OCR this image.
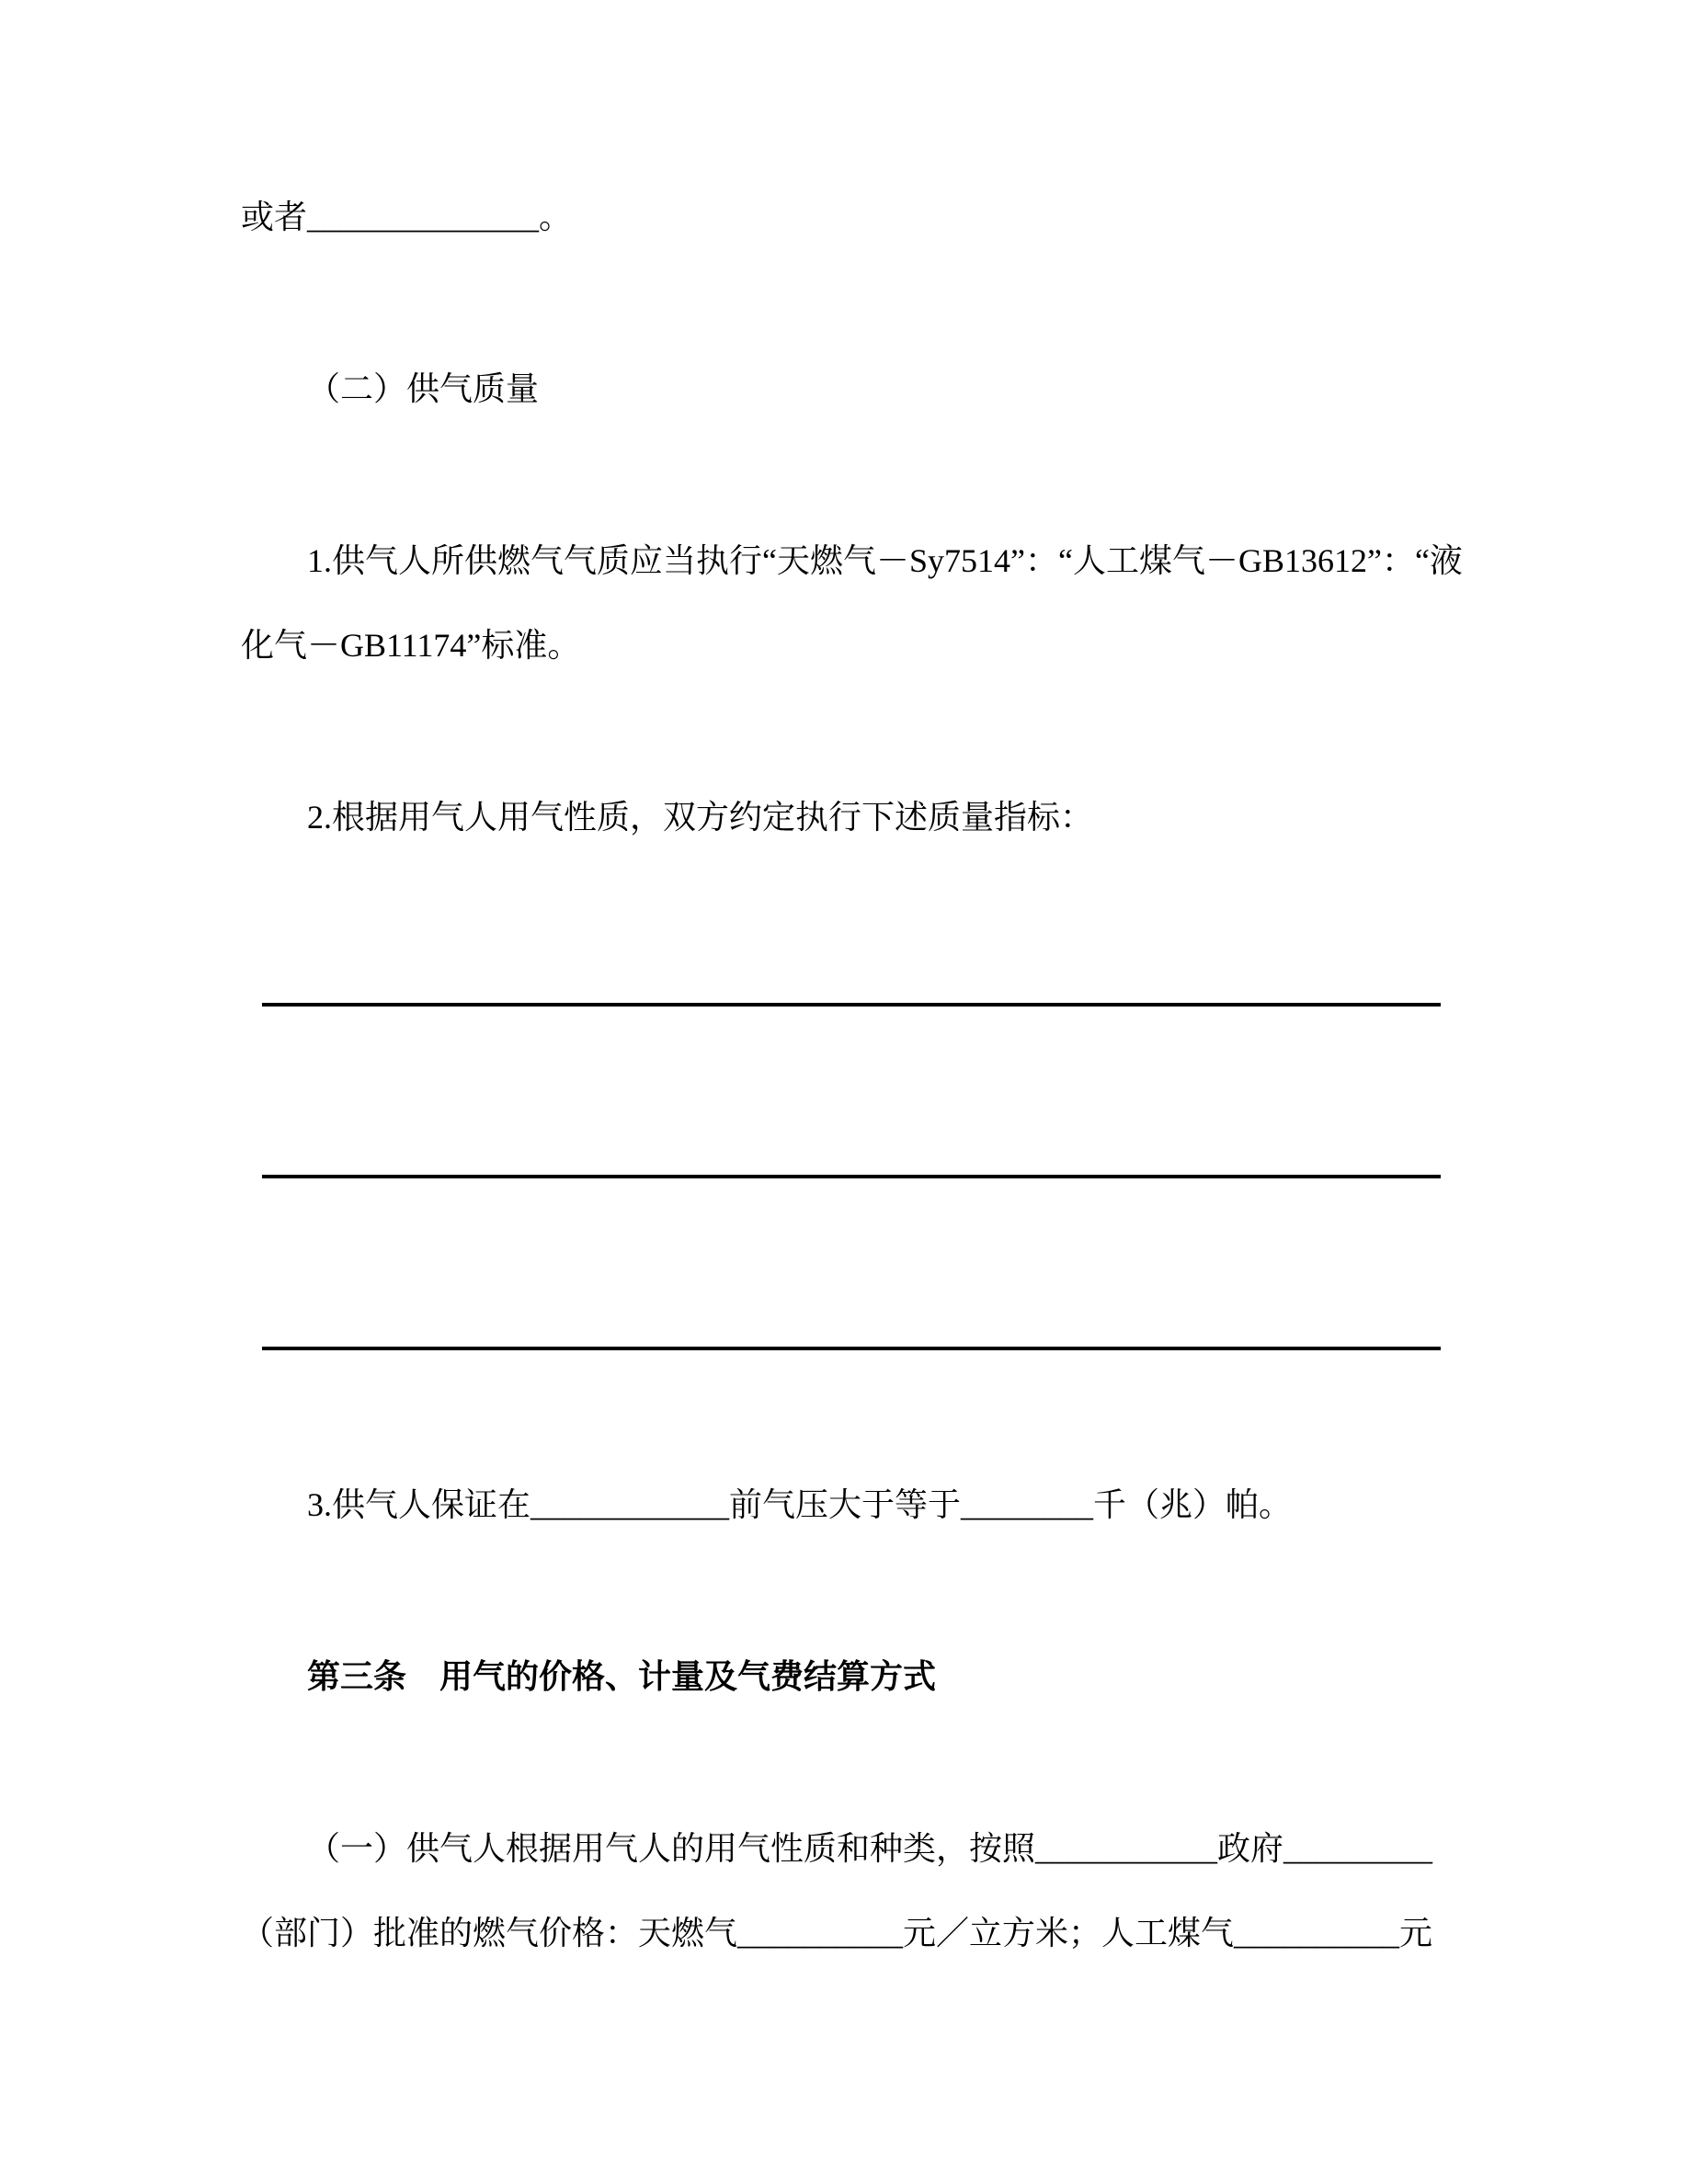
或者______________。
（二）供气质量
1.供气人所供燃气气质应当执行“天燃气－Sy7514”：“人工煤气－GB13612”：“液
化气－GB11174”标准。
2.根据用气人用气性质，双方约定执行下述质量指标：
3.供气人保证在____________前气压大于等于________千（兆）帕。
第三条　用气的价格、计量及气费结算方式
（一）供气人根据用气人的用气性质和种类，按照___________政府_________
（部门）批准的燃气价格：天燃气__________元／立方米；人工煤气__________元
